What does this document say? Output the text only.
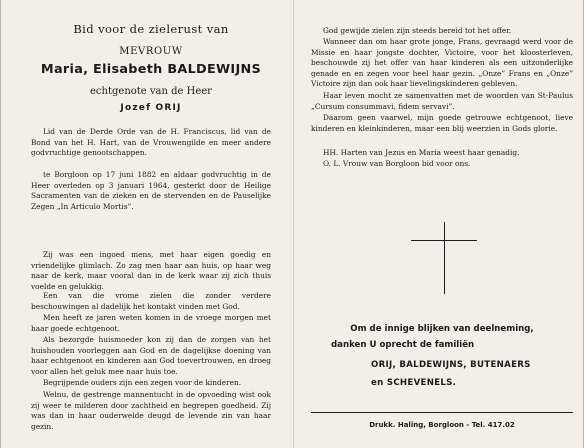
Bid voor de zielerust van
MEVROUW
Maria, Elisabeth BALDEWIJNS
echtgenote van de Heer
Jozef ORIJ

Lid van de Derde Orde van de H. Franciscus, lid van de Bond van het H. Hart, van de Vrouwengilde en meer andere godvruchtige genootschappen.

te Borgloon op 17 juni 1882 en aldaar godvruchtig in de Heer overleden op 3 januari 1964, gesterkt door de Heilige Sacramenten van de zieken en de stervenden en de Pauselijke Zegen „In Articulo Mortis”.

Zij was een ingoed mens, met haar eigen goedig en vriendelijke glimlach. Zo zag men haar aan huis, op haar weg naar de kerk, maar vooral dan in de kerk waar zij zich thuis voelde en gelukkig.

Een van die vrome zielen die zonder verdere beschouwingen al dadelijk het kontakt vinden met God.

Men heeft ze jaren weten komen in de vroege morgen met haar goede echtgenoot.

Als bezorgde huismoeder kon zij dan de zorgen van het huishouden voorleggen aan God en de dagelijkse doening van haar echtgenoot en kinderen aan God toevertrouwen, en droeg voor allen het geluk mee naar huis toe.

Begrijpende ouders zijn een zegen voor de kinderen.

Welnu, de gestrenge mannentucht in de opvoeding wist ook zij weer te milderen door zachtheid en begrepen goedheid. Zij was dan in haar ouderwelde deugd de levende zin van haar gezin.

God gewijde zielen zijn steeds bereid tot het offer.

Wanneer dan om haar grote jonge, Frans, gevraagd werd voor de Missie en haar jongste dochter, Victoire, voor het kloosterleven, beschouwde zij het offer van haar kinderen als een uitzonderlijke genade en en zegen voor heel haar gezin. „Onze” Frans en „Onze” Victoire zijn dan ook haar lievelingskinderen gebleven.

Haar leven mocht ze samenvatten met de woorden van St-Paulus „Cursum consummavi, fidem servavi”.

Daarom geen vaarwel, mijn goede getrouwe echtgenoot, lieve kinderen en kleinkinderen, maar een blij weerzien in Gods glorie.

HH. Harten van Jezus en Maria weest haar genadig.

O. L. Vrouw van Borgloon bid voor ons.

Om de innige blijken van deelneming,
danken U oprecht de familiën
ORIJ, BALDEWIJNS, BUTENAERS
en SCHEVENELS.
Drukk. Haling, Borgloon - Tel. 417.02
